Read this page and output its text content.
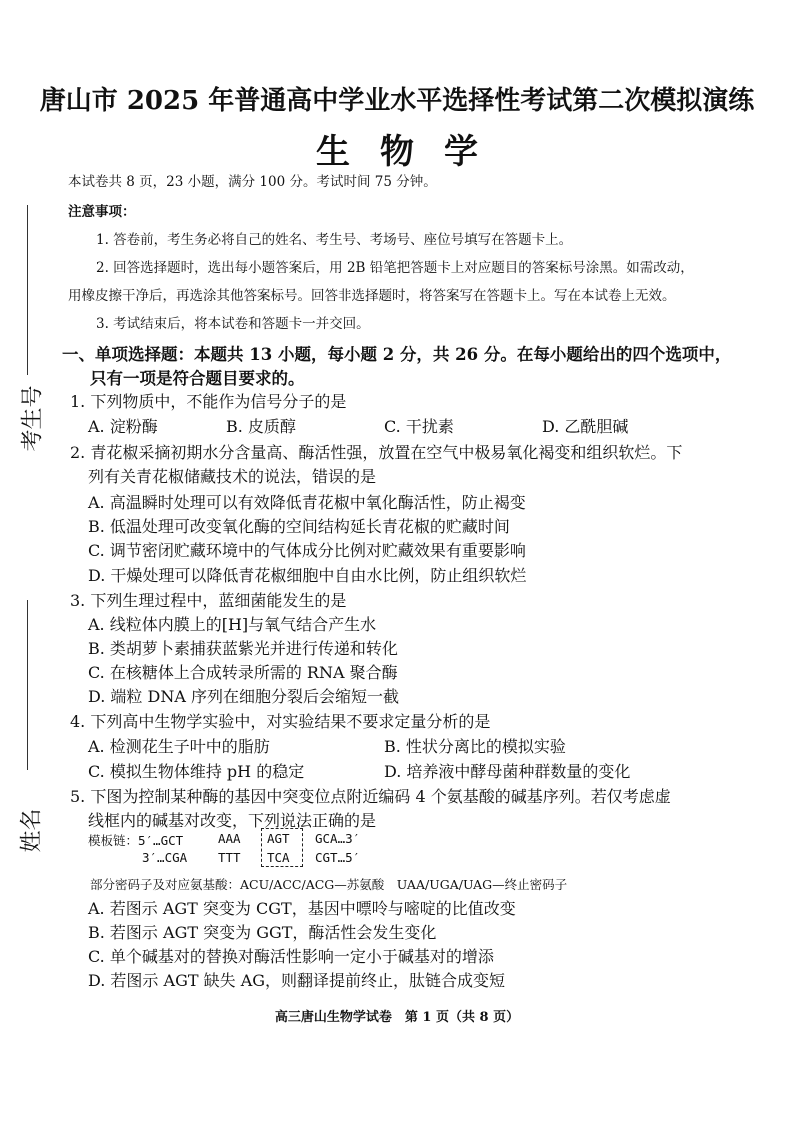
考生号
姓名
唐山市 2025 年普通高中学业水平选择性考试第二次模拟演练
生物学
本试卷共 8 页，23 小题，满分 100 分。考试时间 75 分钟。
注意事项：
1. 答卷前，考生务必将自己的姓名、考生号、考场号、座位号填写在答题卡上。
2. 回答选择题时，选出每小题答案后，用 2B 铅笔把答题卡上对应题目的答案标号涂黑。如需改动，
用橡皮擦干净后，再选涂其他答案标号。回答非选择题时，将答案写在答题卡上。写在本试卷上无效。
3. 考试结束后，将本试卷和答题卡一并交回。
一、单项选择题：本题共 13 小题，每小题 2 分，共 26 分。在每小题给出的四个选项中，
只有一项是符合题目要求的。
1. 下列物质中，不能作为信号分子的是
A. 淀粉酶	B. 皮质醇	C. 干扰素	D. 乙酰胆碱
2. 青花椒采摘初期水分含量高、酶活性强，放置在空气中极易氧化褐变和组织软烂。下
列有关青花椒储藏技术的说法，错误的是
A. 高温瞬时处理可以有效降低青花椒中氧化酶活性，防止褐变
B. 低温处理可改变氧化酶的空间结构延长青花椒的贮藏时间
C. 调节密闭贮藏环境中的气体成分比例对贮藏效果有重要影响
D. 干燥处理可以降低青花椒细胞中自由水比例，防止组织软烂
3. 下列生理过程中，蓝细菌能发生的是
A. 线粒体内膜上的[H]与氧气结合产生水
B. 类胡萝卜素捕获蓝紫光并进行传递和转化
C. 在核糖体上合成转录所需的 RNA 聚合酶
D. 端粒 DNA 序列在细胞分裂后会缩短一截
4. 下列高中生物学实验中，对实验结果不要求定量分析的是
A. 检测花生子叶中的脂肪	B. 性状分离比的模拟实验
C. 模拟生物体维持 pH 的稳定	D. 培养液中酵母菌种群数量的变化
5. 下图为控制某种酶的基因中突变位点附近编码 4 个氨基酸的碱基序列。若仅考虑虚
线框内的碱基对改变，下列说法正确的是
模板链：5′…GCT	AAA AGT GCA…3′
3′…CGA TTT TCA CGT…5′
部分密码子及对应氨基酸：ACU/ACC/ACG—苏氨酸　UAA/UGA/UAG—终止密码子
A. 若图示 AGT 突变为 CGT，基因中嘌呤与嘧啶的比值改变
B. 若图示 AGT 突变为 GGT，酶活性会发生变化
C. 单个碱基对的替换对酶活性影响一定小于碱基对的增添
D. 若图示 AGT 缺失 AG，则翻译提前终止，肽链合成变短
高三唐山生物学试卷　第 1 页（共 8 页）
